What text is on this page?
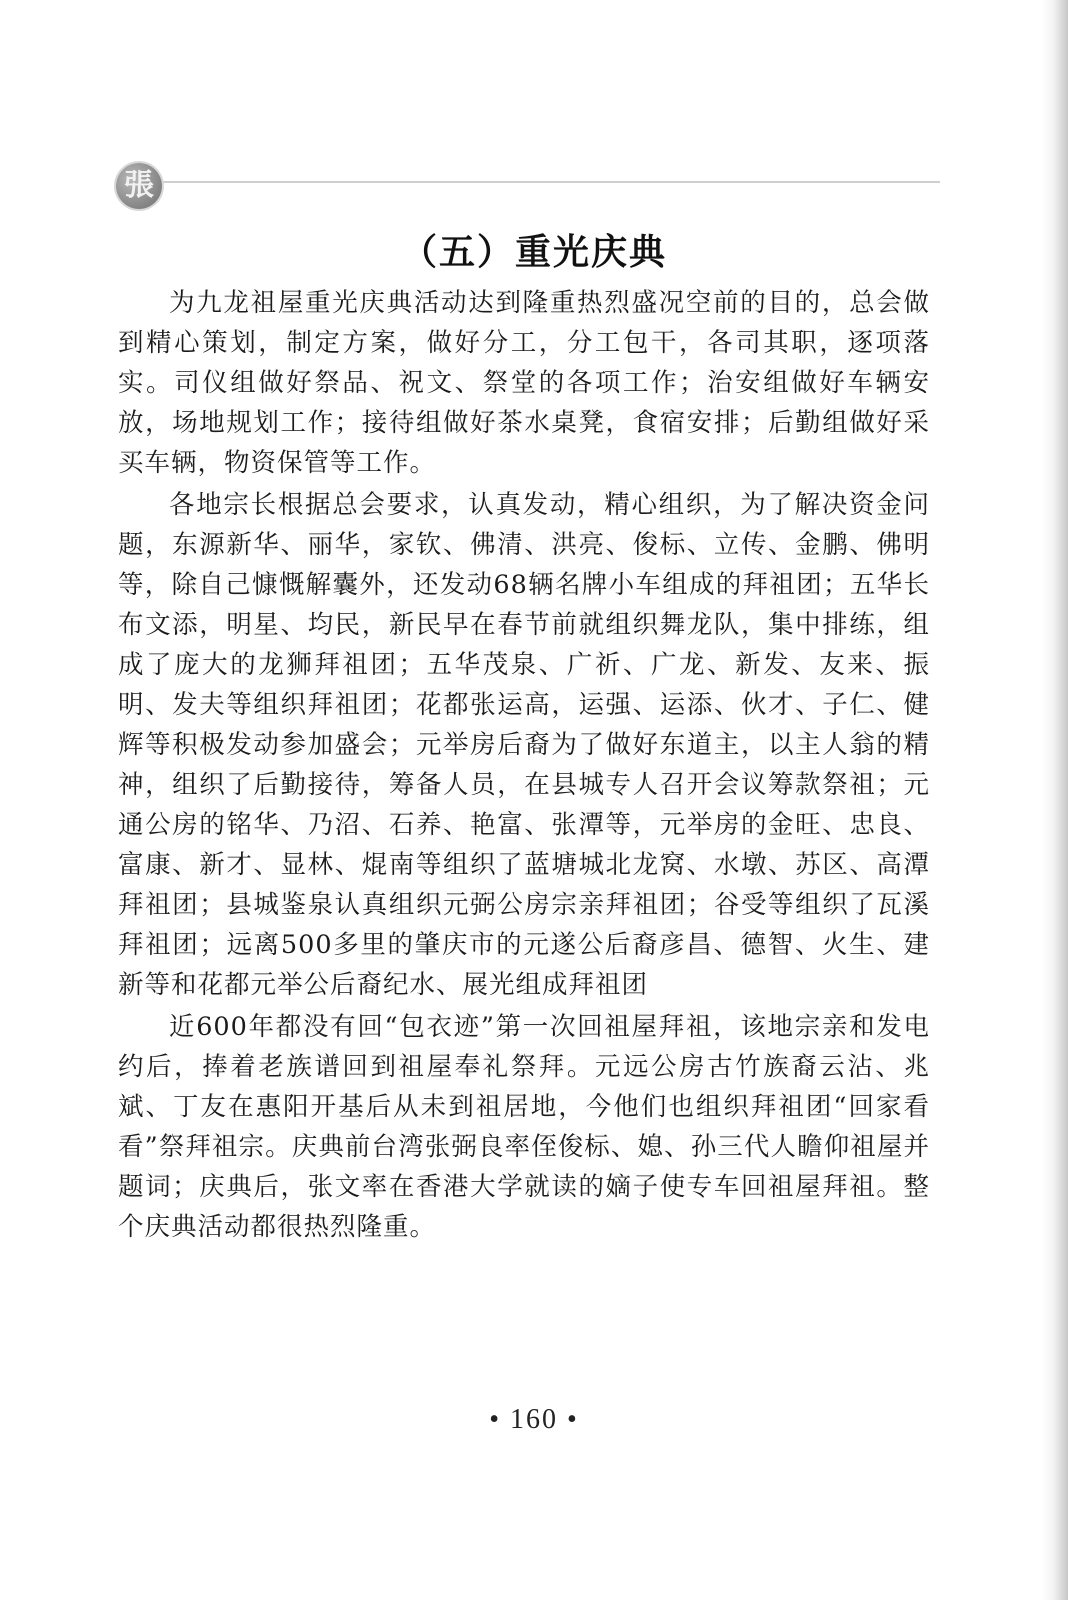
張
（五）重光庆典

为九龙祖屋重光庆典活动达到隆重热烈盛况空前的目的，总会做到精心策划，制定方案，做好分工，分工包干，各司其职，逐项落实。司仪组做好祭品、祝文、祭堂的各项工作；治安组做好车辆安放，场地规划工作；接待组做好茶水桌凳，食宿安排；后勤组做好采买车辆，物资保管等工作。

各地宗长根据总会要求，认真发动，精心组织，为了解决资金问题，东源新华、丽华，家钦、佛清、洪亮、俊标、立传、金鹏、佛明等，除自己慷慨解囊外，还发动68辆名牌小车组成的拜祖团；五华长布文添，明星、均民，新民早在春节前就组织舞龙队，集中排练，组成了庞大的龙狮拜祖团；五华茂泉、广祈、广龙、新发、友来、振明、发夫等组织拜祖团；花都张运高，运强、运添、伙才、子仁、健辉等积极发动参加盛会；元举房后裔为了做好东道主，以主人翁的精神，组织了后勤接待，筹备人员，在县城专人召开会议筹款祭祖；元通公房的铭华、乃沼、石养、艳富、张潭等，元举房的金旺、忠良、富康、新才、显林、焜南等组织了蓝塘城北龙窝、水墩、苏区、高潭拜祖团；县城鉴泉认真组织元弼公房宗亲拜祖团；谷受等组织了瓦溪拜祖团；远离500多里的肇庆市的元遂公后裔彦昌、德智、火生、建新等和花都元举公后裔纪水、展光组成拜祖团

近600年都没有回“包衣迹”第一次回祖屋拜祖，该地宗亲和发电约后，捧着老族谱回到祖屋奉礼祭拜。元远公房古竹族裔云沾、兆斌、丁友在惠阳开基后从未到祖居地，今他们也组织拜祖团“回家看看”祭拜祖宗。庆典前台湾张弼良率侄俊标、媳、孙三代人瞻仰祖屋并题词；庆典后，张文率在香港大学就读的嫡子使专车回祖屋拜祖。整个庆典活动都很热烈隆重。

• 160 •
